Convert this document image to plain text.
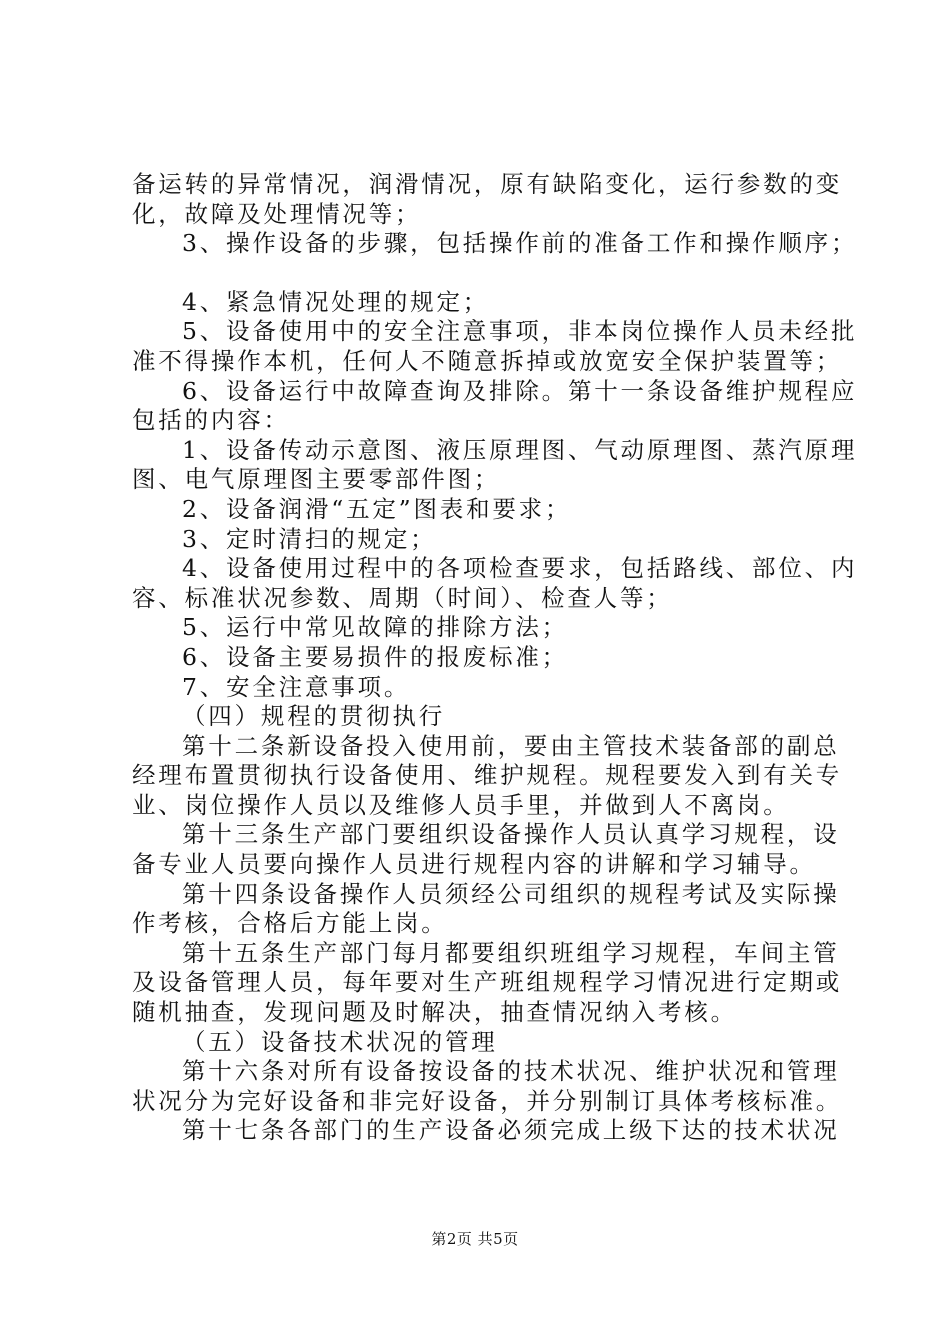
备运转的异常情况，润滑情况，原有缺陷变化，运行参数的变
化，故障及处理情况等；
3、操作设备的步骤，包括操作前的准备工作和操作顺序；
4、紧急情况处理的规定；
5、设备使用中的安全注意事项，非本岗位操作人员未经批
准不得操作本机，任何人不随意拆掉或放宽安全保护装置等；
6、设备运行中故障查询及排除。第十一条设备维护规程应
包括的内容：
1、设备传动示意图、液压原理图、气动原理图、蒸汽原理
图、电气原理图主要零部件图；
2、设备润滑“五定”图表和要求；
3、定时清扫的规定；
4、设备使用过程中的各项检查要求，包括路线、部位、内
容、标准状况参数、周期（时间）、检查人等；
5、运行中常见故障的排除方法；
6、设备主要易损件的报废标准；
7、安全注意事项。
（四）规程的贯彻执行
第十二条新设备投入使用前，要由主管技术装备部的副总
经理布置贯彻执行设备使用、维护规程。规程要发入到有关专
业、岗位操作人员以及维修人员手里，并做到人不离岗。
第十三条生产部门要组织设备操作人员认真学习规程，设
备专业人员要向操作人员进行规程内容的讲解和学习辅导。
第十四条设备操作人员须经公司组织的规程考试及实际操
作考核，合格后方能上岗。
第十五条生产部门每月都要组织班组学习规程，车间主管
及设备管理人员，每年要对生产班组规程学习情况进行定期或
随机抽查，发现问题及时解决，抽查情况纳入考核。
（五）设备技术状况的管理
第十六条对所有设备按设备的技术状况、维护状况和管理
状况分为完好设备和非完好设备，并分别制订具体考核标准。
第十七条各部门的生产设备必须完成上级下达的技术状况
第2页 共5页
